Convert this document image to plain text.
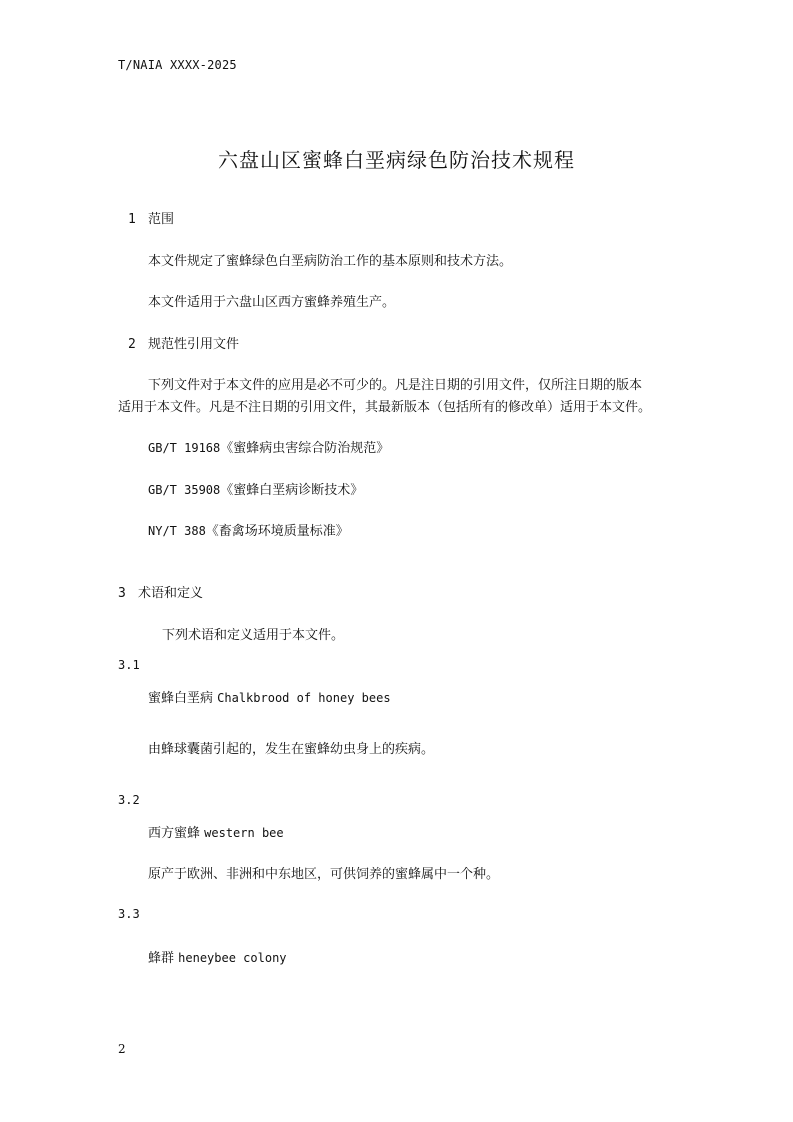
T/NAIA XXXX-2025
六盘山区蜜蜂白垩病绿色防治技术规程
1 范围
本文件规定了蜜蜂绿色白垩病防治工作的基本原则和技术方法。
本文件适用于六盘山区西方蜜蜂养殖生产。
2 规范性引用文件
下列文件对于本文件的应用是必不可少的。凡是注日期的引用文件，仅所注日期的版本
适用于本文件。凡是不注日期的引用文件，其最新版本（包括所有的修改单）适用于本文件。
GB/T 19168《蜜蜂病虫害综合防治规范》
GB/T 35908《蜜蜂白垩病诊断技术》
NY/T 388《畜禽场环境质量标准》
3 术语和定义
下列术语和定义适用于本文件。
3.1
蜜蜂白垩病 Chalkbrood of honey bees
由蜂球囊菌引起的，发生在蜜蜂幼虫身上的疾病。
3.2
西方蜜蜂 western bee
原产于欧洲、非洲和中东地区，可供饲养的蜜蜂属中一个种。
3.3
蜂群 heneybee colony
2
